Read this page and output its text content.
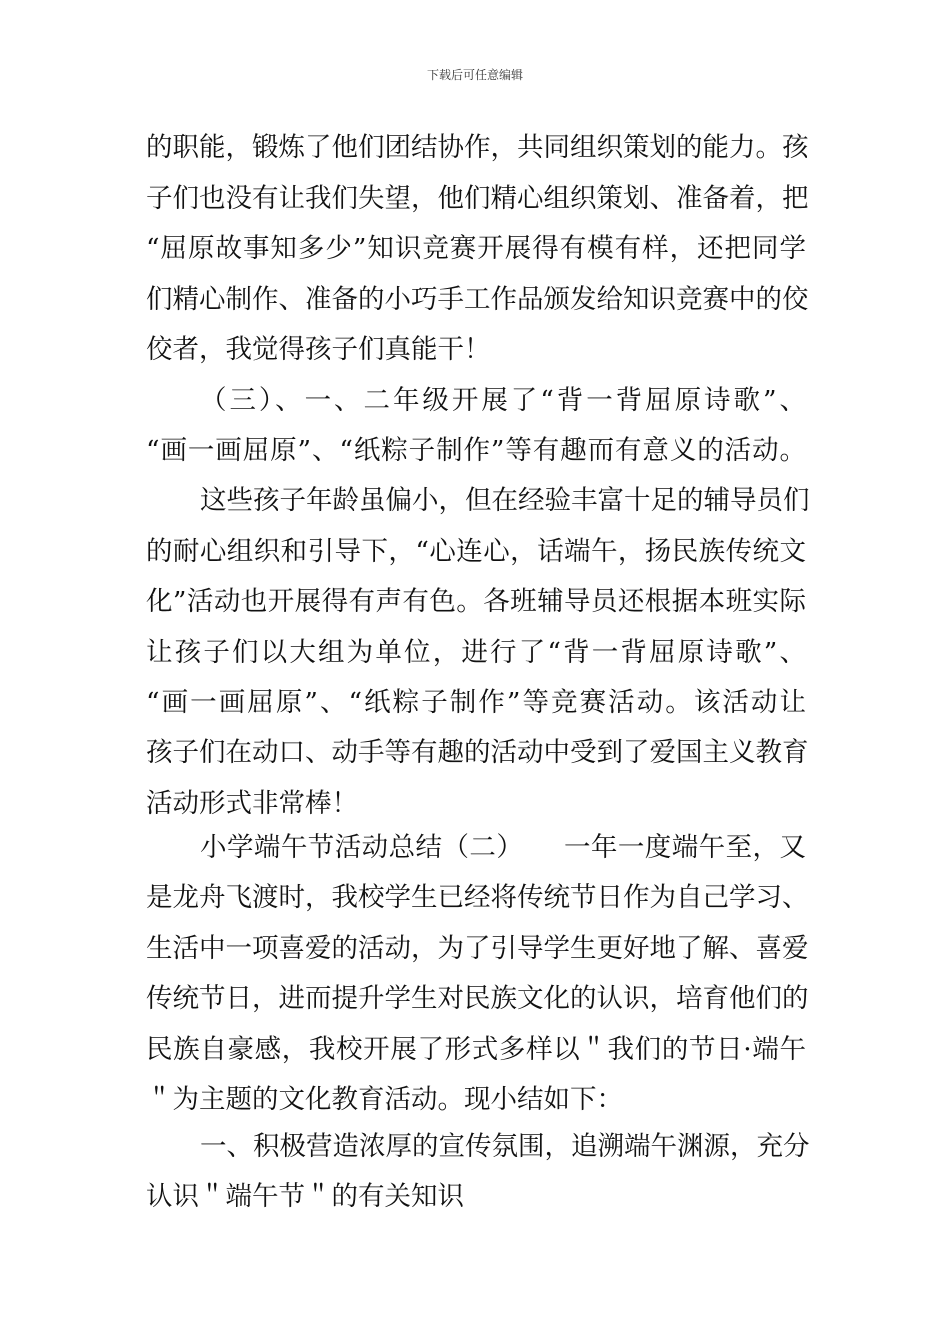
下载后可任意编辑
的职能，锻炼了他们团结协作，共同组织策划的能力。孩
子们也没有让我们失望，他们精心组织策划、准备着，把
“屈原故事知多少”知识竞赛开展得有模有样，还把同学
们精心制作、准备的小巧手工作品颁发给知识竞赛中的佼
佼者，我觉得孩子们真能干！
（三）、一、二年级开展了“背一背屈原诗歌”、
“画一画屈原”、“纸粽子制作”等有趣而有意义的活动。
这些孩子年龄虽偏小，但在经验丰富十足的辅导员们
的耐心组织和引导下，“心连心，话端午，扬民族传统文
化”活动也开展得有声有色。各班辅导员还根据本班实际
让孩子们以大组为单位，进行了“背一背屈原诗歌”、
“画一画屈原”、“纸粽子制作”等竞赛活动。该活动让
孩子们在动口、动手等有趣的活动中受到了爱国主义教育
活动形式非常棒！
小学端午节活动总结（二）　　一年一度端午至，又
是龙舟飞渡时，我校学生已经将传统节日作为自己学习、
生活中一项喜爱的活动，为了引导学生更好地了解、喜爱
传统节日，进而提升学生对民族文化的认识，培育他们的
民族自豪感，我校开展了形式多样以＂我们的节日·端午
＂为主题的文化教育活动。现小结如下：
一、积极营造浓厚的宣传氛围，追溯端午渊源，充分
认识＂端午节＂的有关知识
